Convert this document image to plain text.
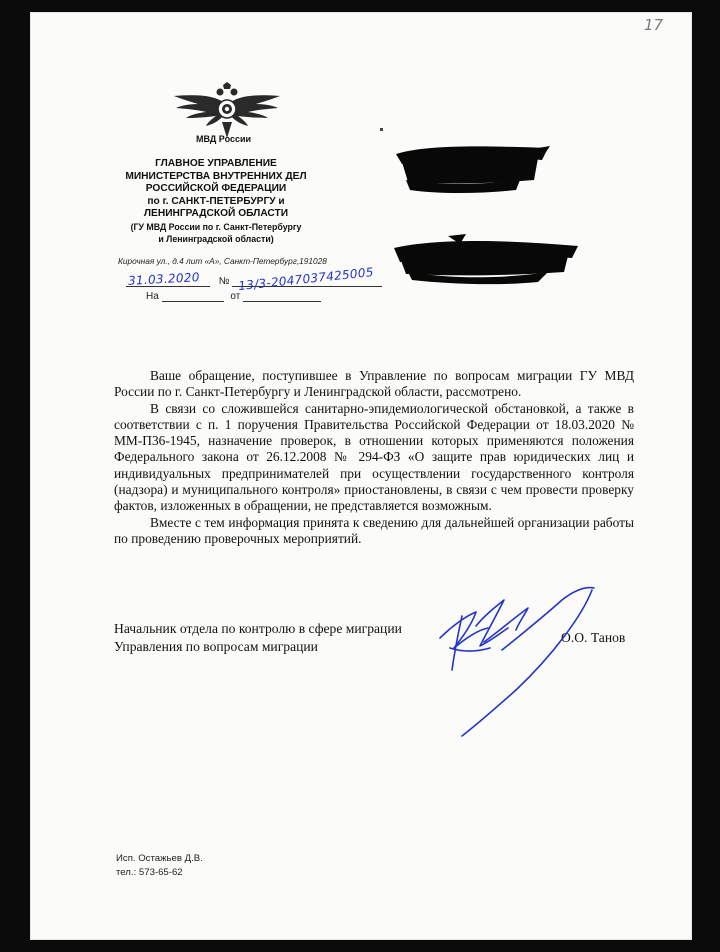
17
МВД России
ГЛАВНОЕ УПРАВЛЕНИЕ
МИНИСТЕРСТВА ВНУТРЕННИХ ДЕЛ
РОССИЙСКОЙ ФЕДЕРАЦИИ
по г. САНКТ-ПЕТЕРБУРГУ и
ЛЕНИНГРАДСКОЙ ОБЛАСТИ
(ГУ МВД России по г. Санкт-Петербургу
и Ленинградской области)
Кирочная ул., д.4 лит «А», Санкт-Петербург,191028
№
31.03.2020	13/3-2047037425005
На	от

Ваше обращение, поступившее в Управление по вопросам миграции ГУ МВД России по г. Санкт-Петербургу и Ленинградской области, рассмотрено.

В связи со сложившейся санитарно-эпидемиологической обстановкой, а также в соответствии с п. 1 поручения Правительства Российской Федерации от 18.03.2020 № ММ-П36-1945, назначение проверок, в отношении которых применяются положения Федерального закона от 26.12.2008 № 294-ФЗ «О защите прав юридических лиц и индивидуальных предпринимателей при осуществлении государственного контроля (надзора) и муниципального контроля» приостановлены, в связи с чем провести проверку фактов, изложенных в обращении, не представляется возможным.

Вместе с тем информация принята к сведению для дальнейшей организации работы по проведению проверочных мероприятий.

Начальник отдела по контролю в сфере миграции
Управления по вопросам миграции
О.О. Танов
Исп. Остажьев Д.В.
тел.: 573-65-62
